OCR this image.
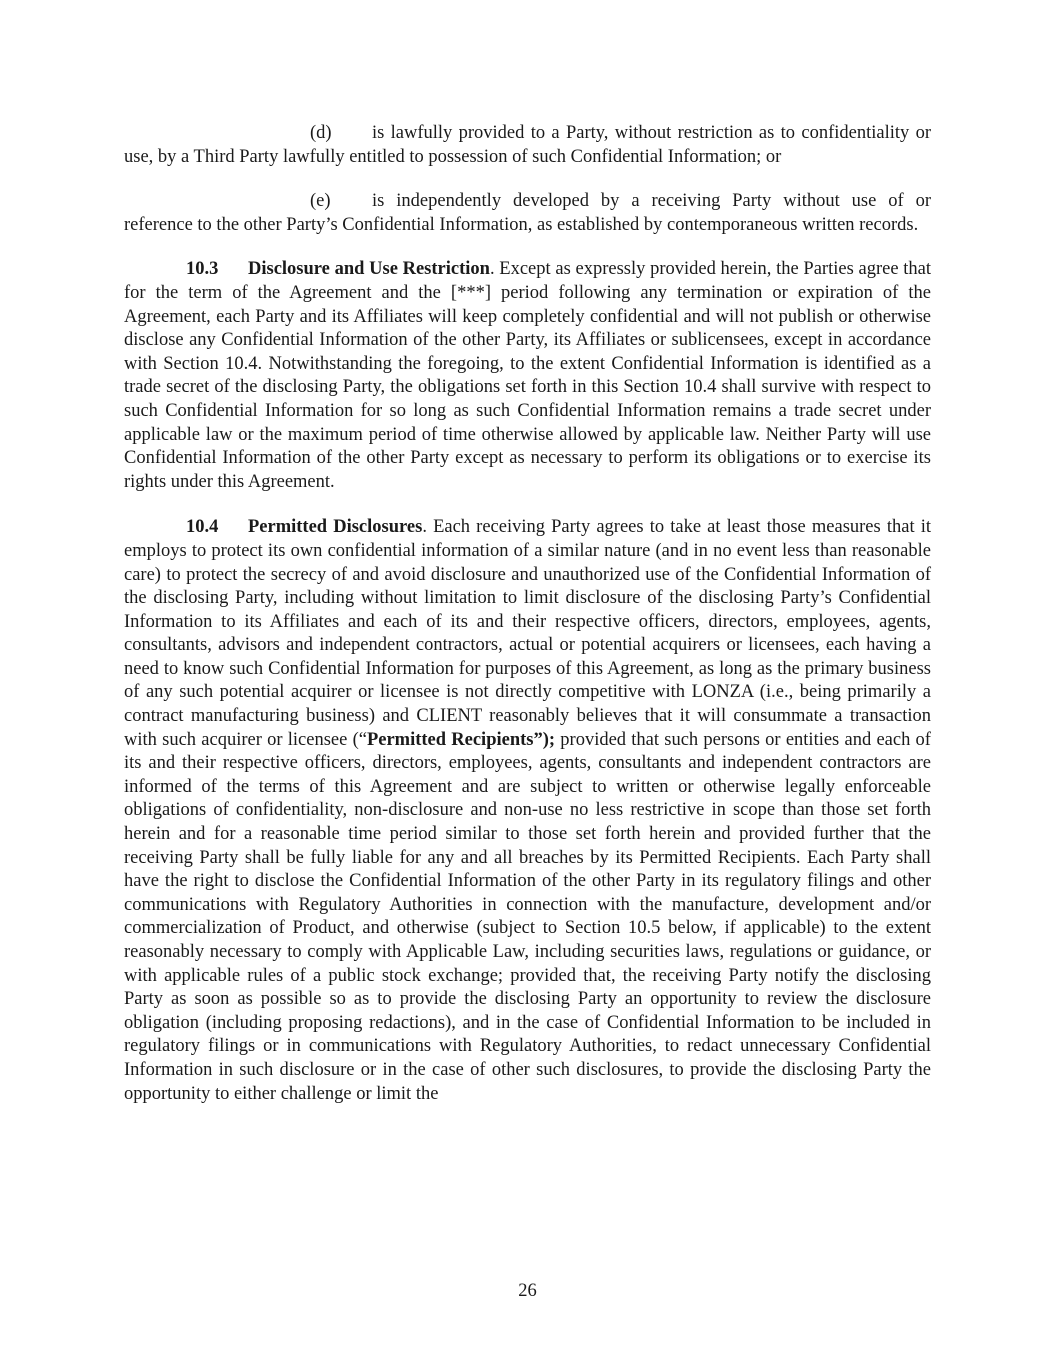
(d) is lawfully provided to a Party, without restriction as to confidentiality or use, by a Third Party lawfully entitled to possession of such Confidential Information; or

(e) is independently developed by a receiving Party without use of or reference to the other Party’s Confidential Information, as established by contemporaneous written records.

10.3 Disclosure and Use Restriction. Except as expressly provided herein, the Parties agree that for the term of the Agreement and the [***] period following any termination or expiration of the Agreement, each Party and its Affiliates will keep completely confidential and will not publish or otherwise disclose any Confidential Information of the other Party, its Affiliates or sublicensees, except in accordance with Section 10.4. Notwithstanding the foregoing, to the extent Confidential Information is identified as a trade secret of the disclosing Party, the obligations set forth in this Section 10.4 shall survive with respect to such Confidential Information for so long as such Confidential Information remains a trade secret under applicable law or the maximum period of time otherwise allowed by applicable law. Neither Party will use Confidential Information of the other Party except as necessary to perform its obligations or to exercise its rights under this Agreement.

10.4 Permitted Disclosures. Each receiving Party agrees to take at least those measures that it employs to protect its own confidential information of a similar nature (and in no event less than reasonable care) to protect the secrecy of and avoid disclosure and unauthorized use of the Confidential Information of the disclosing Party, including without limitation to limit disclosure of the disclosing Party’s Confidential Information to its Affiliates and each of its and their respective officers, directors, employees, agents, consultants, advisors and independent contractors, actual or potential acquirers or licensees, each having a need to know such Confidential Information for purposes of this Agreement, as long as the primary business of any such potential acquirer or licensee is not directly competitive with LONZA (i.e., being primarily a contract manufacturing business) and CLIENT reasonably believes that it will consummate a transaction with such acquirer or licensee (“Permitted Recipients”); provided that such persons or entities and each of its and their respective officers, directors, employees, agents, consultants and independent contractors are informed of the terms of this Agreement and are subject to written or otherwise legally enforceable obligations of confidentiality, non-disclosure and non-use no less restrictive in scope than those set forth herein and for a reasonable time period similar to those set forth herein and provided further that the receiving Party shall be fully liable for any and all breaches by its Permitted Recipients. Each Party shall have the right to disclose the Confidential Information of the other Party in its regulatory filings and other communications with Regulatory Authorities in connection with the manufacture, development and/or commercialization of Product, and otherwise (subject to Section 10.5 below, if applicable) to the extent reasonably necessary to comply with Applicable Law, including securities laws, regulations or guidance, or with applicable rules of a public stock exchange; provided that, the receiving Party notify the disclosing Party as soon as possible so as to provide the disclosing Party an opportunity to review the disclosure obligation (including proposing redactions), and in the case of Confidential Information to be included in regulatory filings or in communications with Regulatory Authorities, to redact unnecessary Confidential Information in such disclosure or in the case of other such disclosures, to provide the disclosing Party the opportunity to either challenge or limit the

26
